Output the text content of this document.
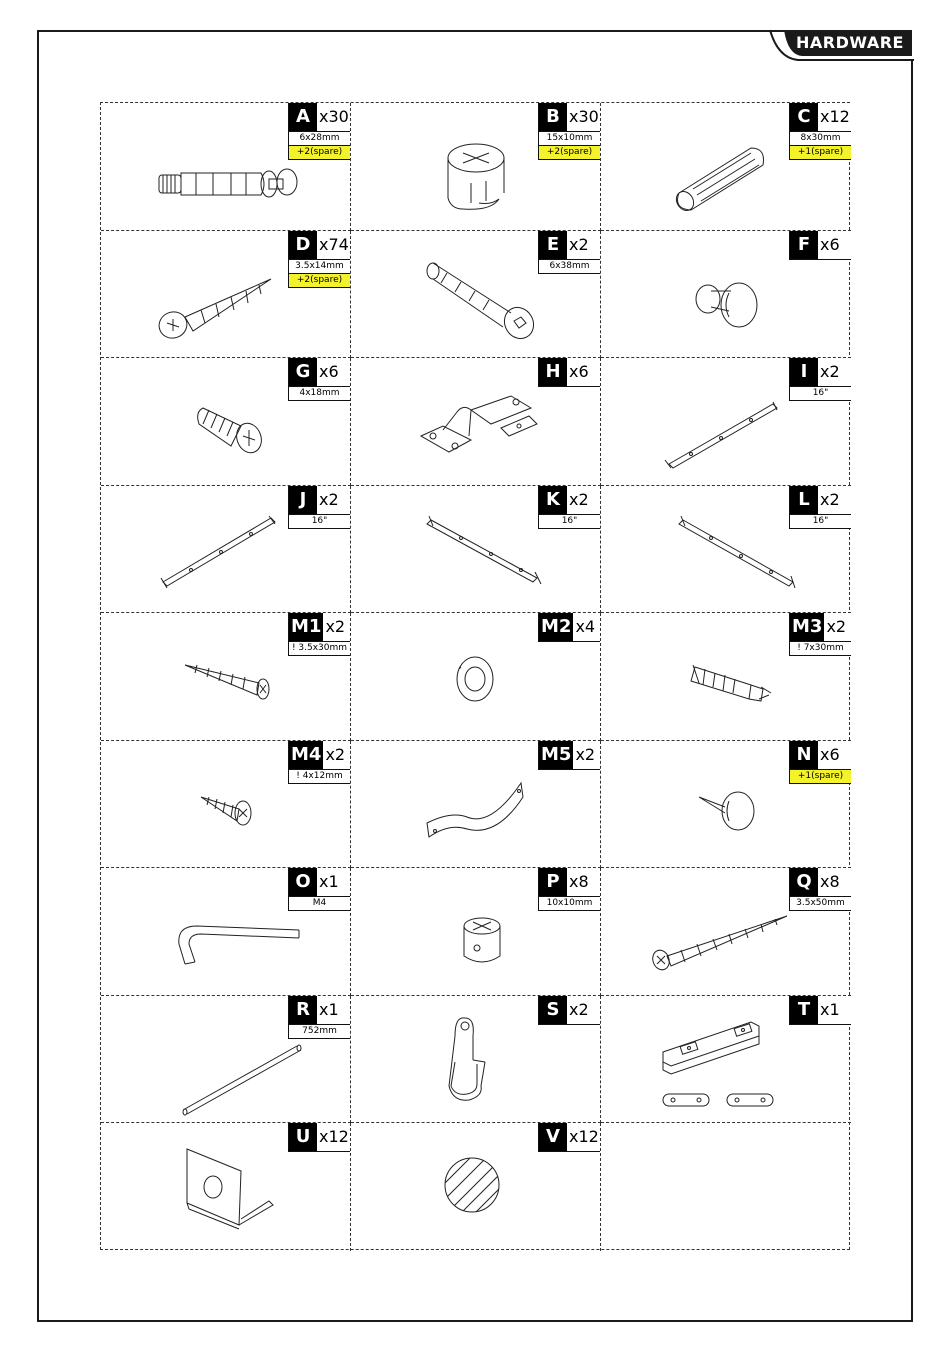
HARDWARE
A x30
6x28mm
+2(spare)
B x30
15x10mm
+2(spare)
C x12
8x30mm
+1(spare)
D x74
3.5x14mm
+2(spare)
E x2
6x38mm
F x6
G x6
4x18mm
H x6	I x2
16"
J x2
16"
K x2
16"
L x2
16"
M1 x2
! 3.5x30mm
M2 x4	M3 x2
! 7x30mm
M4 x2
! 4x12mm
M5 x2	N x6
+1(spare)
O x1
M4
P x8
10x10mm
Q x8
3.5x50mm
R x1
752mm
S x2	T x1
U x12	V x12
